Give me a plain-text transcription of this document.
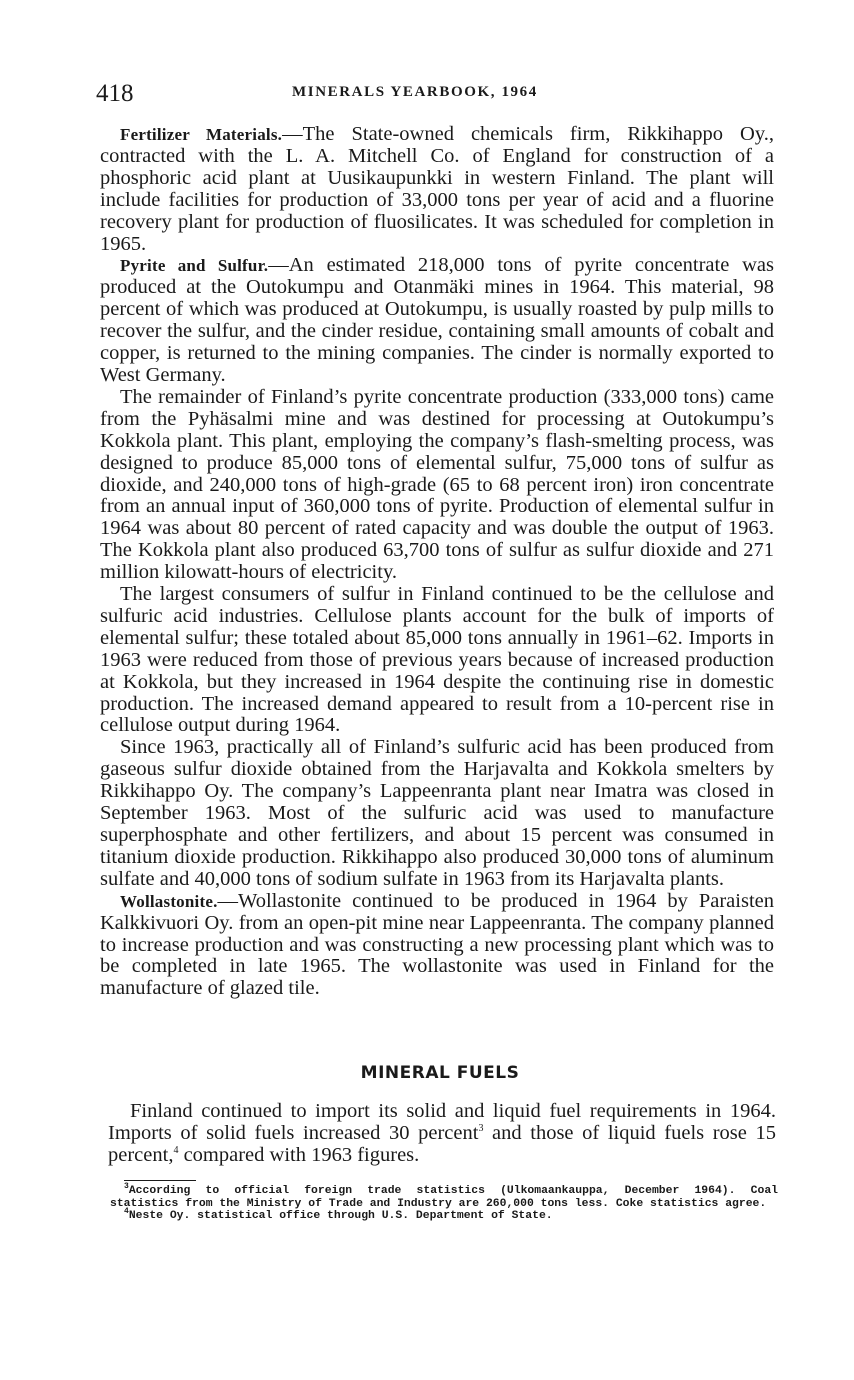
418	MINERALS YEARBOOK, 1964

Fertilizer Materials.—The State-owned chemicals firm, Rikkihappo Oy., contracted with the L. A. Mitchell Co. of England for construction of a phosphoric acid plant at Uusikaupunkki in western Finland. The plant will include facilities for production of 33,000 tons per year of acid and a fluorine recovery plant for production of fluosilicates. It was scheduled for completion in 1965.

Pyrite and Sulfur.—An estimated 218,000 tons of pyrite concentrate was produced at the Outokumpu and Otanmäki mines in 1964. This material, 98 percent of which was produced at Outokumpu, is usually roasted by pulp mills to recover the sulfur, and the cinder residue, containing small amounts of cobalt and copper, is returned to the mining companies. The cinder is normally exported to West Germany.

The remainder of Finland’s pyrite concentrate production (333,000 tons) came from the Pyhäsalmi mine and was destined for processing at Outokumpu’s Kokkola plant. This plant, employing the company’s flash-smelting process, was designed to produce 85,000 tons of elemental sulfur, 75,000 tons of sulfur as dioxide, and 240,000 tons of high-grade (65 to 68 percent iron) iron concentrate from an annual input of 360,000 tons of pyrite. Production of elemental sulfur in 1964 was about 80 percent of rated capacity and was double the output of 1963. The Kokkola plant also produced 63,700 tons of sulfur as sulfur dioxide and 271 million kilowatt-hours of electricity.

The largest consumers of sulfur in Finland continued to be the cellulose and sulfuric acid industries. Cellulose plants account for the bulk of imports of elemental sulfur; these totaled about 85,000 tons annually in 1961–62. Imports in 1963 were reduced from those of previous years because of increased production at Kokkola, but they increased in 1964 despite the continuing rise in domestic production. The increased demand appeared to result from a 10-percent rise in cellulose output during 1964.

Since 1963, practically all of Finland’s sulfuric acid has been produced from gaseous sulfur dioxide obtained from the Harjavalta and Kokkola smelters by Rikkihappo Oy. The company’s Lappeenranta plant near Imatra was closed in September 1963. Most of the sulfuric acid was used to manufacture superphosphate and other fertilizers, and about 15 percent was consumed in titanium dioxide production. Rikkihappo also produced 30,000 tons of aluminum sulfate and 40,000 tons of sodium sulfate in 1963 from its Harjavalta plants.

Wollastonite.—Wollastonite continued to be produced in 1964 by Paraisten Kalkkivuori Oy. from an open-pit mine near Lappeenranta. The company planned to increase production and was constructing a new processing plant which was to be completed in late 1965. The wollastonite was used in Finland for the manufacture of glazed tile.

MINERAL FUELS

Finland continued to import its solid and liquid fuel requirements in 1964. Imports of solid fuels increased 30 percent$^3$ and those of liquid fuels rose 15 percent,$^4$ compared with 1963 figures.

$^3$According to official foreign trade statistics (Ulkomaankauppa, December 1964). Coal statistics from the Ministry of Trade and Industry are 260,000 tons less. Coke statistics agree.

$^4$Neste Oy. statistical office through U.S. Department of State.
